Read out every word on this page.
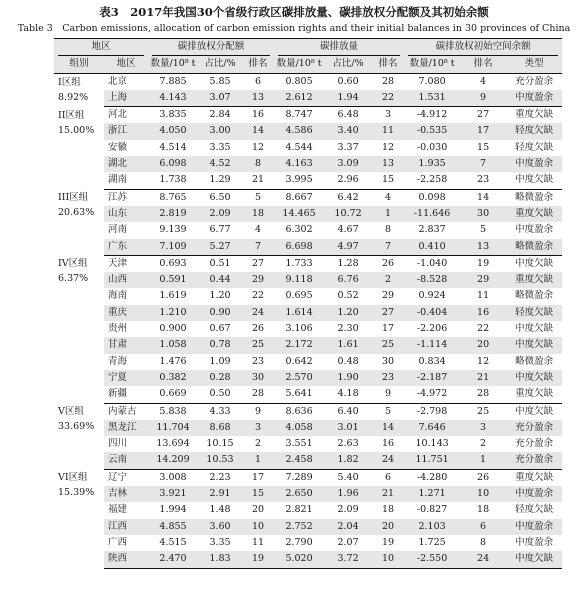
表3　2017年我国30个省级行政区碳排放量、碳排放权分配额及其初始余额
Table 3　Carbon emissions, allocation of carbon emission rights and their initial balances in 30 provinces of China
地区		碳排放权分配额			碳排放量			碳排放权初始空间余额		

组别	地区	数量/10⁸ t	占比/%	排名	数量/10⁸ t	占比/%	排名	数量/10⁸ t	排名	类型

I区组
8.92%	北京	7.885	5.85	6	0.805	0.60	28	7.080	4	充分盈余
	上海	4.143	3.07	13	2.612	1.94	22	1.531	9	中度盈余

II区组
15.00%	河北	3.835	2.84	16	8.747	6.48	3	-4.912	27	重度欠缺
	浙江	4.050	3.00	14	4.586	3.40	11	-0.535	17	轻度欠缺
	安徽	4.514	3.35	12	4.544	3.37	12	-0.030	15	轻度欠缺
	湖北	6.098	4.52	8	4.163	3.09	13	1.935	7	中度盈余
	湖南	1.738	1.29	21	3.995	2.96	15	-2.258	23	中度欠缺

III区组
20.63%	江苏	8.765	6.50	5	8.667	6.42	4	0.098	14	略微盈余
	山东	2.819	2.09	18	14.465	10.72	1	-11.646	30	重度欠缺
	河南	9.139	6.77	4	6.302	4.67	8	2.837	5	中度盈余
	广东	7.109	5.27	7	6.698	4.97	7	0.410	13	略微盈余

IV区组
6.37%	天津	0.693	0.51	27	1.733	1.28	26	-1.040	19	中度欠缺
	山西	0.591	0.44	29	9.118	6.76	2	-8.528	29	重度欠缺
	海南	1.619	1.20	22	0.695	0.52	29	0.924	11	略微盈余
	重庆	1.210	0.90	24	1.614	1.20	27	-0.404	16	轻度欠缺
	贵州	0.900	0.67	26	3.106	2.30	17	-2.206	22	中度欠缺
	甘肃	1.058	0.78	25	2.172	1.61	25	-1.114	20	中度欠缺
	青海	1.476	1.09	23	0.642	0.48	30	0.834	12	略微盈余
	宁夏	0.382	0.28	30	2.570	1.90	23	-2.187	21	中度欠缺
	新疆	0.669	0.50	28	5.641	4.18	9	-4.972	28	重度欠缺

V区组
33.69%	内蒙古	5.838	4.33	9	8.636	6.40	5	-2.798	25	中度欠缺
	黑龙江	11.704	8.68	3	4.058	3.01	14	7.646	3	充分盈余
	四川	13.694	10.15	2	3.551	2.63	16	10.143	2	充分盈余
	云南	14.209	10.53	1	2.458	1.82	24	11.751	1	充分盈余

VI区组
15.39%	辽宁	3.008	2.23	17	7.289	5.40	6	-4.280	26	重度欠缺
	吉林	3.921	2.91	15	2.650	1.96	21	1.271	10	中度盈余
	福建	1.994	1.48	20	2.821	2.09	18	-0.827	18	轻度欠缺
	江西	4.855	3.60	10	2.752	2.04	20	2.103	6	中度盈余
	广西	4.515	3.35	11	2.790	2.07	19	1.725	8	中度盈余
	陕西	2.470	1.83	19	5.020	3.72	10	-2.550	24	中度欠缺
